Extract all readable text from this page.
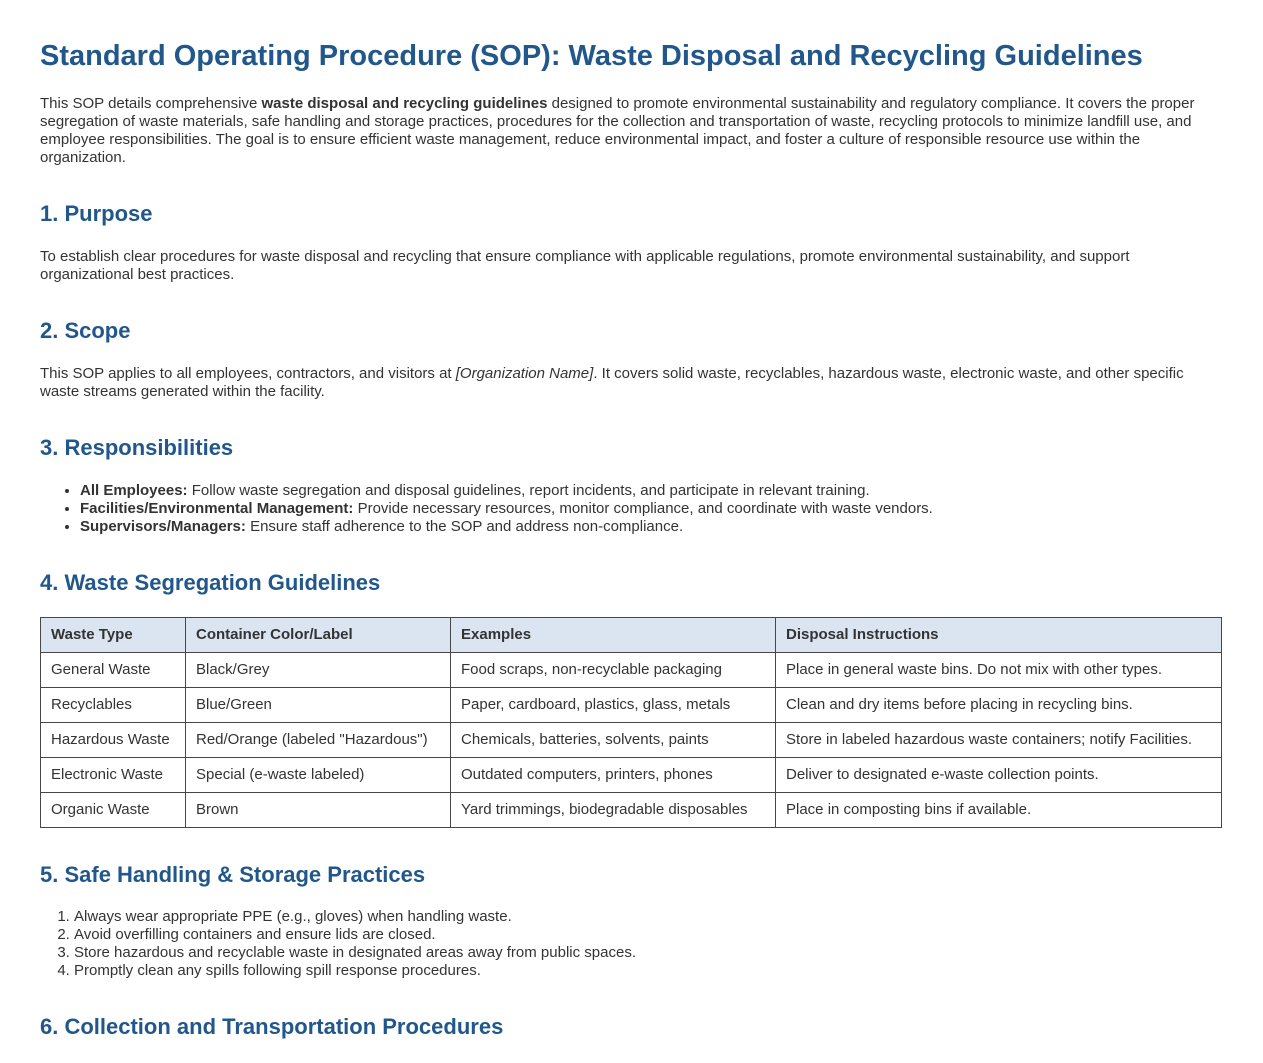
Standard Operating Procedure (SOP): Waste Disposal and Recycling Guidelines

This SOP details comprehensive waste disposal and recycling guidelines designed to promote environmental sustainability and regulatory compliance. It covers the proper segregation of waste materials, safe handling and storage practices, procedures for the collection and transportation of waste, recycling protocols to minimize landfill use, and employee responsibilities. The goal is to ensure efficient waste management, reduce environmental impact, and foster a culture of responsible resource use within the organization.

1. Purpose

To establish clear procedures for waste disposal and recycling that ensure compliance with applicable regulations, promote environmental sustainability, and support organizational best practices.

2. Scope

This SOP applies to all employees, contractors, and visitors at [Organization Name]. It covers solid waste, recyclables, hazardous waste, electronic waste, and other specific waste streams generated within the facility.

3. Responsibilities
• All Employees: Follow waste segregation and disposal guidelines, report incidents, and participate in relevant training.
• Facilities/Environmental Management: Provide necessary resources, monitor compliance, and coordinate with waste vendors.
• Supervisors/Managers: Ensure staff adherence to the SOP and address non-compliance.
4. Waste Segregation Guidelines
Waste Type	Container Color/Label	Examples	Disposal Instructions
General Waste	Black/Grey	Food scraps, non-recyclable packaging	Place in general waste bins. Do not mix with other types.
Recyclables	Blue/Green	Paper, cardboard, plastics, glass, metals	Clean and dry items before placing in recycling bins.
Hazardous Waste	Red/Orange (labeled "Hazardous")	Chemicals, batteries, solvents, paints	Store in labeled hazardous waste containers; notify Facilities.
Electronic Waste	Special (e-waste labeled)	Outdated computers, printers, phones	Deliver to designated e-waste collection points.
Organic Waste	Brown	Yard trimmings, biodegradable disposables	Place in composting bins if available.
5. Safe Handling & Storage Practices
1. Always wear appropriate PPE (e.g., gloves) when handling waste.
2. Avoid overfilling containers and ensure lids are closed.
3. Store hazardous and recyclable waste in designated areas away from public spaces.
4. Promptly clean any spills following spill response procedures.
6. Collection and Transportation Procedures
